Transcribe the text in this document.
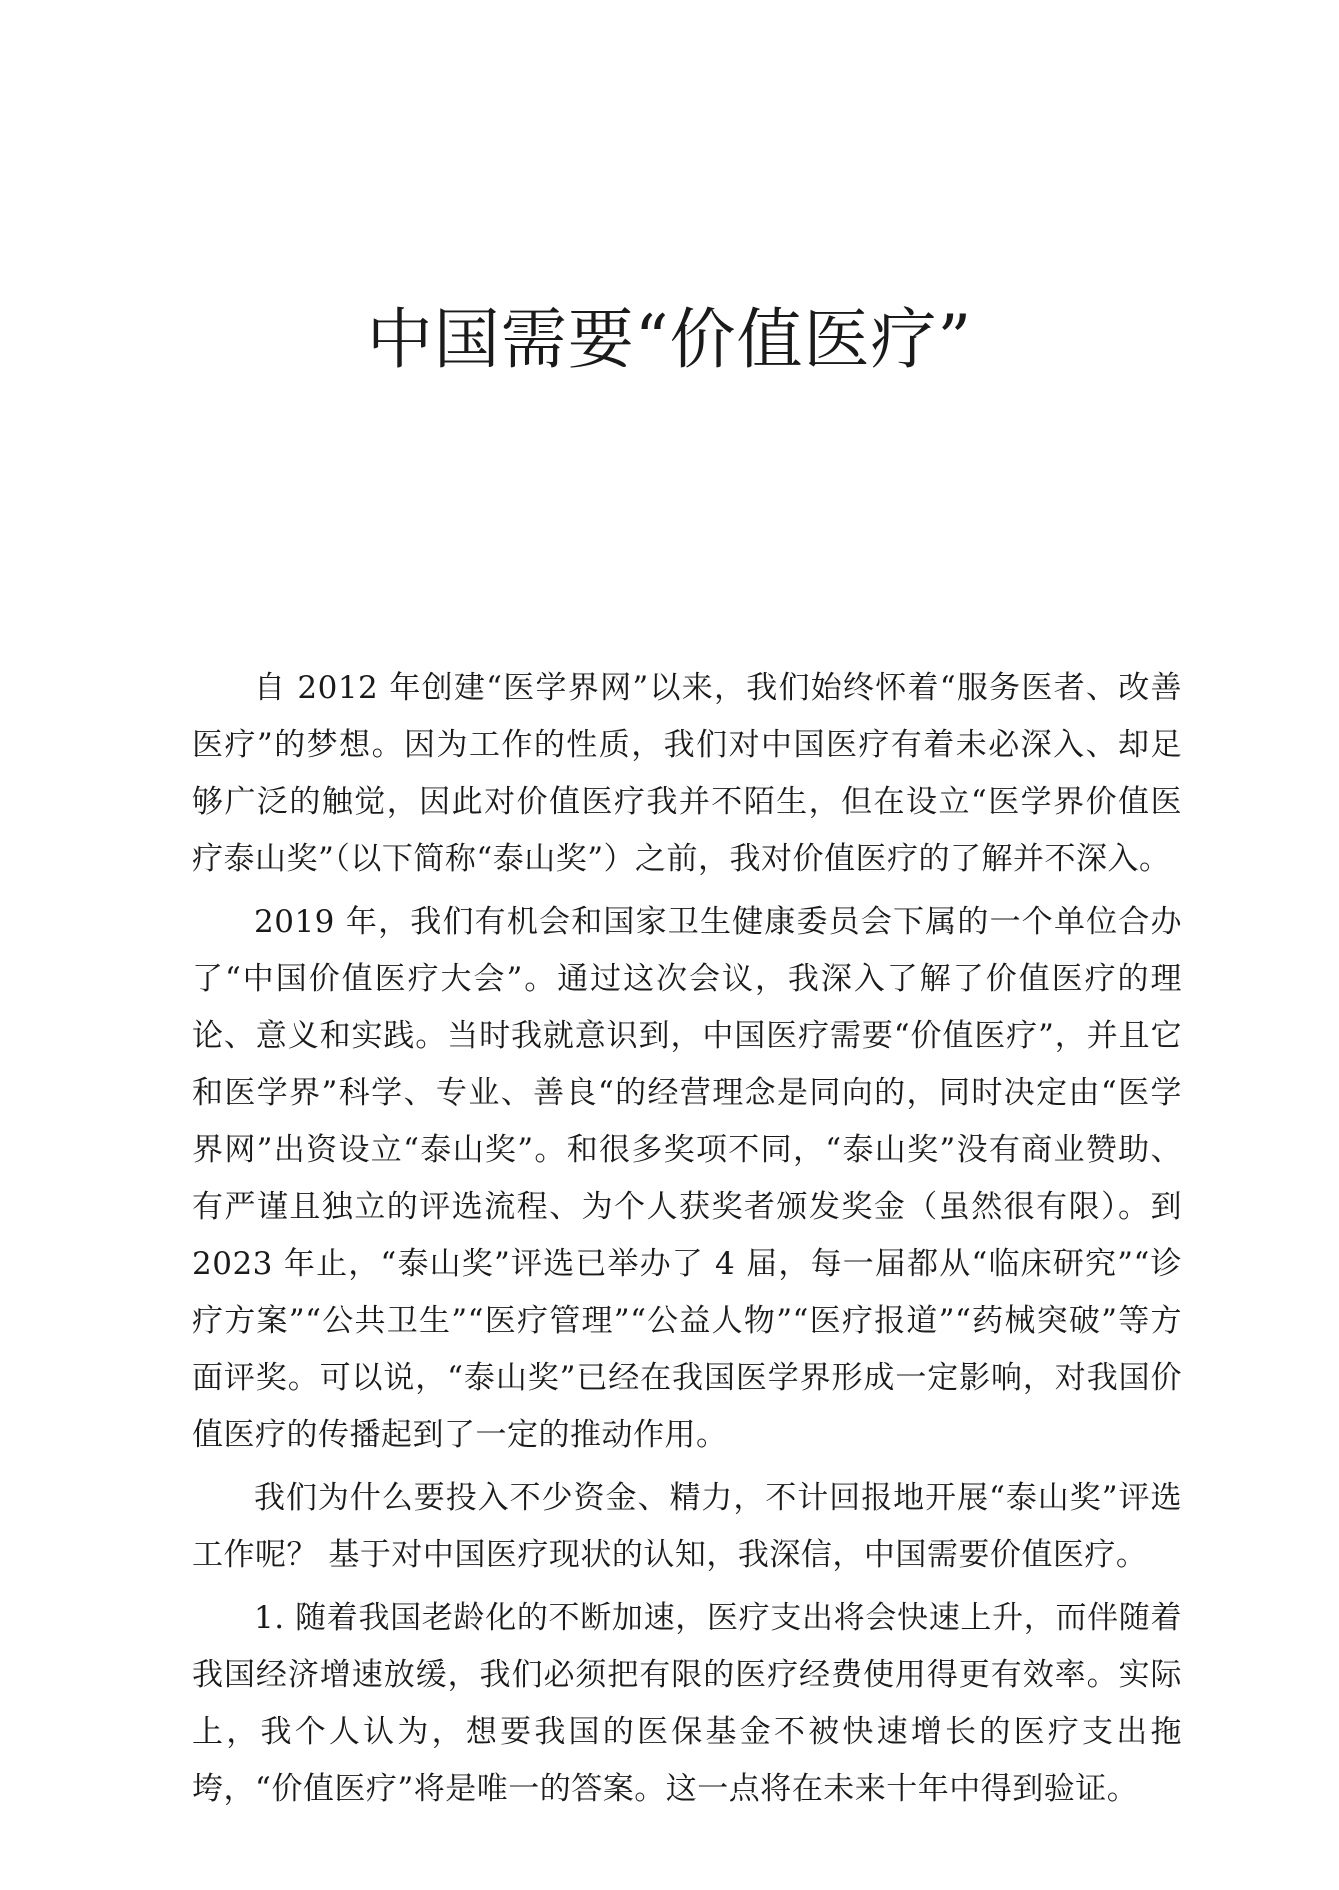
中国需要“价值医疗”

自 2012 年创建“医学界网”以来，我们始终怀着“服务医者、改善医疗”的梦想。因为工作的性质，我们对中国医疗有着未必深入、却足够广泛的触觉，因此对价值医疗我并不陌生，但在设立“医学界价值医疗泰山奖”（以下简称“泰山奖”）之前，我对价值医疗的了解并不深入。

2019 年，我们有机会和国家卫生健康委员会下属的一个单位合办了“中国价值医疗大会”。通过这次会议，我深入了解了价值医疗的理论、意义和实践。当时我就意识到，中国医疗需要“价值医疗”，并且它和医学界”科学、专业、善良“的经营理念是同向的，同时决定由“医学界网”出资设立“泰山奖”。和很多奖项不同，“泰山奖”没有商业赞助、有严谨且独立的评选流程、为个人获奖者颁发奖金（虽然很有限）。到 2023 年止，“泰山奖”评选已举办了 4 届，每一届都从“临床研究”“诊疗方案”“公共卫生”“医疗管理”“公益人物”“医疗报道”“药械突破”等方面评奖。可以说，“泰山奖”已经在我国医学界形成一定影响，对我国价值医疗的传播起到了一定的推动作用。

我们为什么要投入不少资金、精力，不计回报地开展“泰山奖”评选工作呢？ 基于对中国医疗现状的认知，我深信，中国需要价值医疗。

1. 随着我国老龄化的不断加速，医疗支出将会快速上升，而伴随着我国经济增速放缓，我们必须把有限的医疗经费使用得更有效率。实际上，我个人认为，想要我国的医保基金不被快速增长的医疗支出拖垮，“价值医疗”将是唯一的答案。这一点将在未来十年中得到验证。
